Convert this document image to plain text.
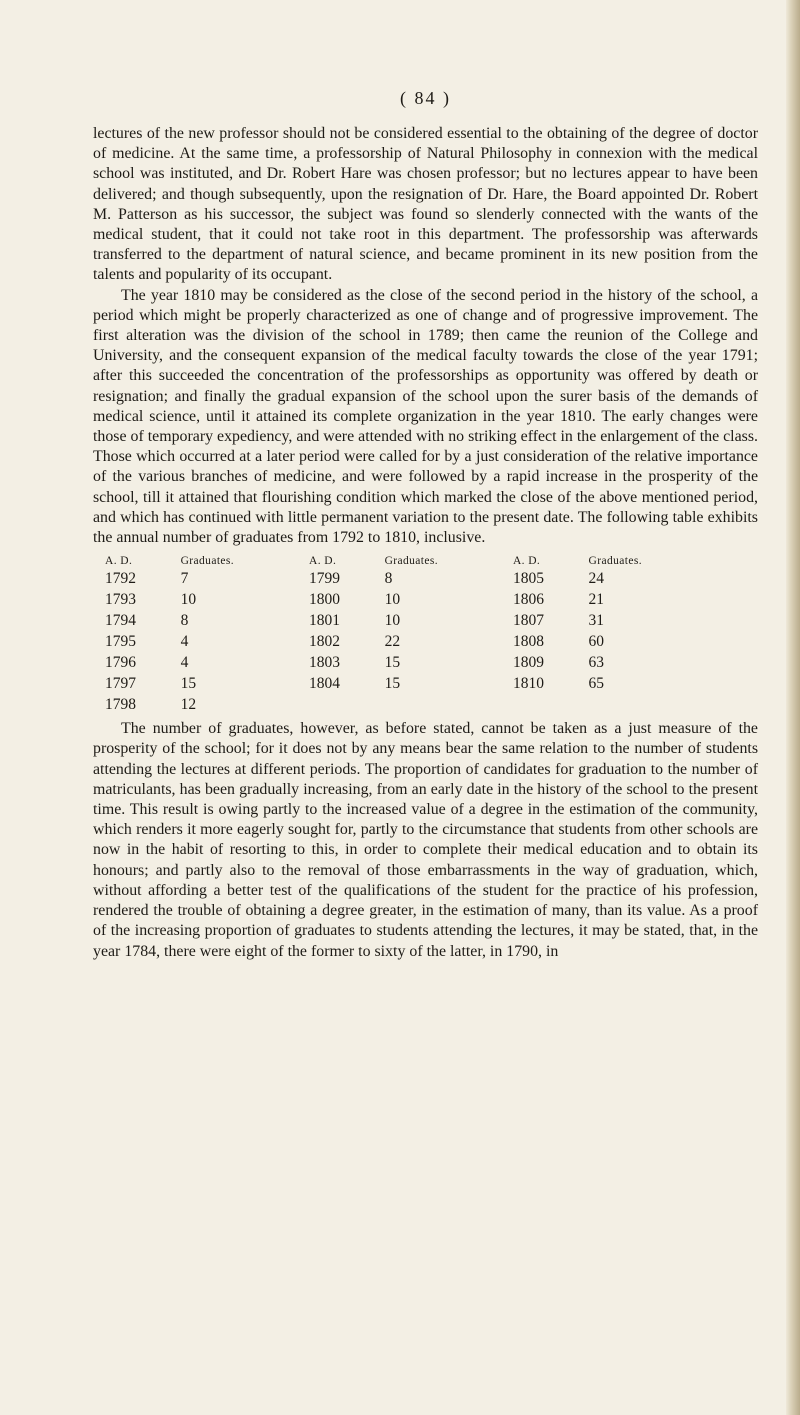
( 84 )

lectures of the new professor should not be considered essential to the obtaining of the degree of doctor of medicine. At the same time, a professorship of Natural Philosophy in connexion with the medical school was instituted, and Dr. Robert Hare was chosen professor; but no lectures appear to have been delivered; and though subsequently, upon the resignation of Dr. Hare, the Board appointed Dr. Robert M. Patterson as his successor, the subject was found so slenderly connected with the wants of the medical student, that it could not take root in this department. The professorship was afterwards transferred to the department of natural science, and became prominent in its new position from the talents and popularity of its occupant.

The year 1810 may be considered as the close of the second period in the history of the school, a period which might be properly characterized as one of change and of progressive improvement. The first alteration was the division of the school in 1789; then came the reunion of the College and University, and the consequent expansion of the medical faculty towards the close of the year 1791; after this succeeded the concentration of the professorships as opportunity was offered by death or resignation; and finally the gradual expansion of the school upon the surer basis of the demands of medical science, until it attained its complete organization in the year 1810. The early changes were those of temporary expediency, and were attended with no striking effect in the enlargement of the class. Those which occurred at a later period were called for by a just consideration of the relative importance of the various branches of medicine, and were followed by a rapid increase in the prosperity of the school, till it attained that flourishing condition which marked the close of the above mentioned period, and which has continued with little permanent variation to the present date. The following table exhibits the annual number of graduates from 1792 to 1810, inclusive.

A. D.	Graduates.	A. D.	Graduates.	A. D.	Graduates.
1792	7	1799	8	1805	24
1793	10	1800	10	1806	21
1794	8	1801	10	1807	31
1795	4	1802	22	1808	60
1796	4	1803	15	1809	63
1797	15	1804	15	1810	65
1798	12				

The number of graduates, however, as before stated, cannot be taken as a just measure of the prosperity of the school; for it does not by any means bear the same relation to the number of students attending the lectures at different periods. The proportion of candidates for graduation to the number of matriculants, has been gradually increasing, from an early date in the history of the school to the present time. This result is owing partly to the increased value of a degree in the estimation of the community, which renders it more eagerly sought for, partly to the circumstance that students from other schools are now in the habit of resorting to this, in order to complete their medical education and to obtain its honours; and partly also to the removal of those embarrassments in the way of graduation, which, without affording a better test of the qualifications of the student for the practice of his profession, rendered the trouble of obtaining a degree greater, in the estimation of many, than its value. As a proof of the increasing proportion of graduates to students attending the lectures, it may be stated, that, in the year 1784, there were eight of the former to sixty of the latter, in 1790, in
